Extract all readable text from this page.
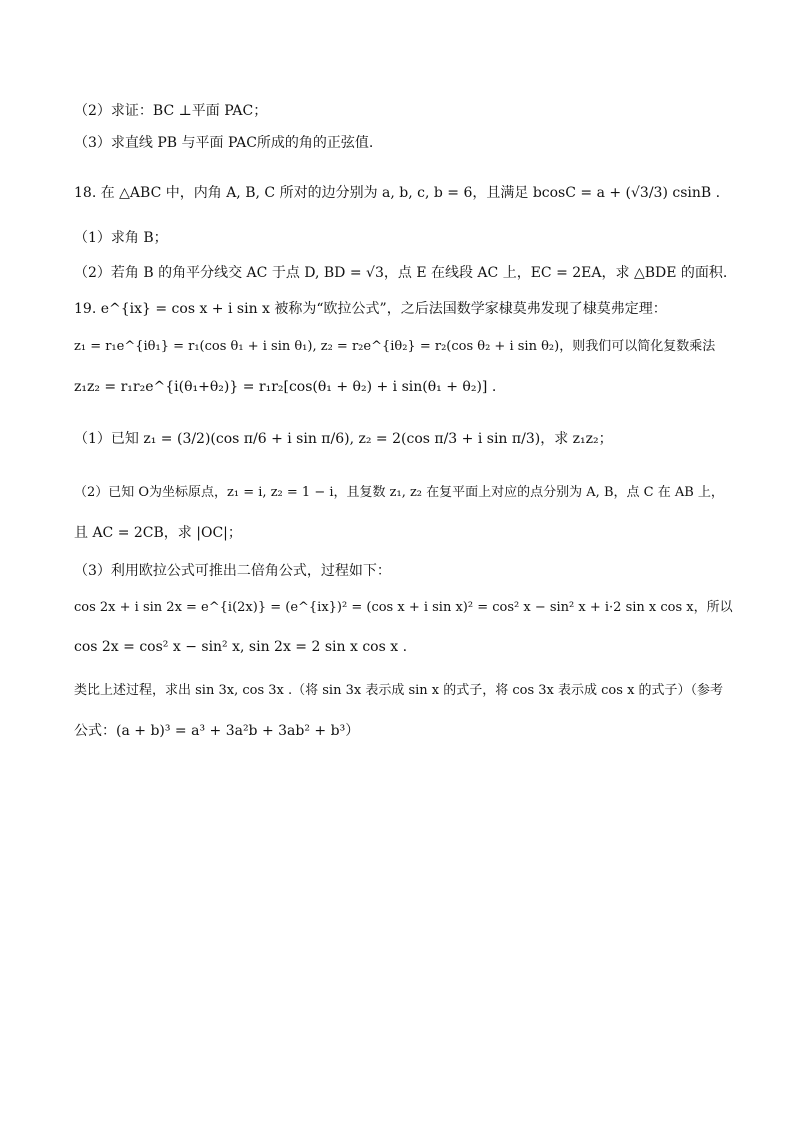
（2）求证：BC ⊥平面 PAC；
（3）求直线 PB 与平面 PAC所成的角的正弦值.
18. 在 △ABC 中，内角 A, B, C 所对的边分别为 a, b, c, b = 6，且满足 bcosC = a + (√3/3) csinB .
（1）求角 B；
（2）若角 B 的角平分线交 AC 于点 D, BD = √3，点 E 在线段 AC 上，EC = 2EA，求 △BDE 的面积.
19. e^{ix} = cos x + i sin x 被称为“欧拉公式”，之后法国数学家棣莫弗发现了棣莫弗定理：
z₁ = r₁e^{iθ₁} = r₁(cos θ₁ + i sin θ₁), z₂ = r₂e^{iθ₂} = r₂(cos θ₂ + i sin θ₂)，则我们可以简化复数乘法
z₁z₂ = r₁r₂e^{i(θ₁+θ₂)} = r₁r₂[cos(θ₁ + θ₂) + i sin(θ₁ + θ₂)] .
（1）已知 z₁ = (3/2)(cos π/6 + i sin π/6), z₂ = 2(cos π/3 + i sin π/3)，求 z₁z₂；
（2）已知 O为坐标原点，z₁ = i, z₂ = 1 − i，且复数 z₁, z₂ 在复平面上对应的点分别为 A, B，点 C 在 AB 上，
且 AC = 2CB，求 |OC|；
（3）利用欧拉公式可推出二倍角公式，过程如下：
cos 2x + i sin 2x = e^{i(2x)} = (e^{ix})² = (cos x + i sin x)² = cos² x − sin² x + i·2 sin x cos x，所以
cos 2x = cos² x − sin² x, sin 2x = 2 sin x cos x .
类比上述过程，求出 sin 3x, cos 3x .（将 sin 3x 表示成 sin x 的式子，将 cos 3x 表示成 cos x 的式子）（参考
公式：(a + b)³ = a³ + 3a²b + 3ab² + b³）
